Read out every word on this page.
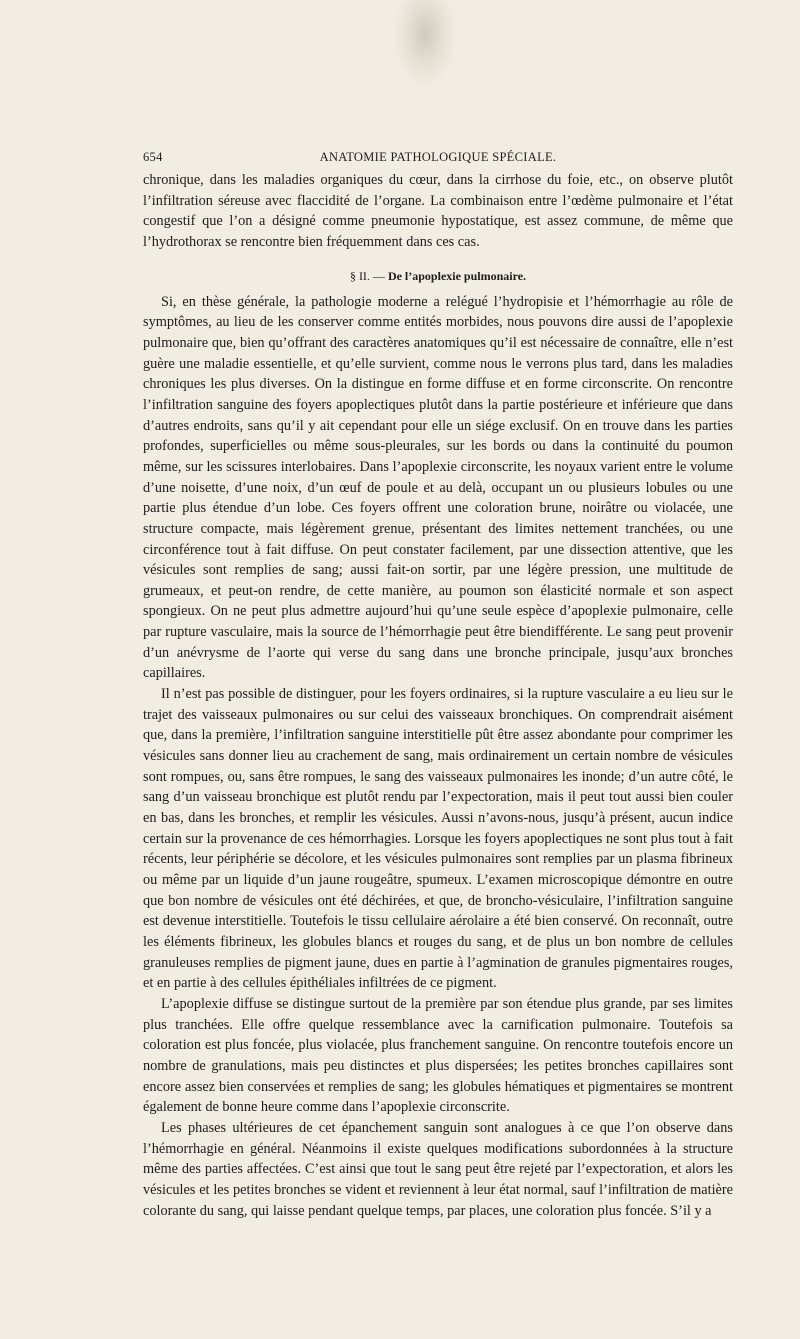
654	ANATOMIE PATHOLOGIQUE SPÉCIALE.

chronique, dans les maladies organiques du cœur, dans la cirrhose du foie, etc., on observe plutôt l’infiltration séreuse avec flaccidité de l’organe. La combinaison entre l’œdème pulmonaire et l’état congestif que l’on a désigné comme pneumonie hypostatique, est assez commune, de même que l’hydrothorax se rencontre bien fréquemment dans ces cas.

§ II. — De l’apoplexie pulmonaire.

Si, en thèse générale, la pathologie moderne a relégué l’hydropisie et l’hémorrhagie au rôle de symptômes, au lieu de les conserver comme entités morbides, nous pouvons dire aussi de l’apoplexie pulmonaire que, bien qu’offrant des caractères anatomiques qu’il est nécessaire de connaître, elle n’est guère une maladie essentielle, et qu’elle survient, comme nous le verrons plus tard, dans les maladies chroniques les plus diverses. On la distingue en forme diffuse et en forme circonscrite. On rencontre l’infiltration sanguine des foyers apoplectiques plutôt dans la partie postérieure et inférieure que dans d’autres endroits, sans qu’il y ait cependant pour elle un siége exclusif. On en trouve dans les parties profondes, superficielles ou même sous-pleurales, sur les bords ou dans la continuité du poumon même, sur les scissures interlobaires. Dans l’apoplexie circonscrite, les noyaux varient entre le volume d’une noisette, d’une noix, d’un œuf de poule et au delà, occupant un ou plusieurs lobules ou une partie plus étendue d’un lobe. Ces foyers offrent une coloration brune, noirâtre ou violacée, une structure compacte, mais légèrement grenue, présentant des limites nettement tranchées, ou une circonférence tout à fait diffuse. On peut constater facilement, par une dissection attentive, que les vésicules sont remplies de sang; aussi fait-on sortir, par une légère pression, une multitude de grumeaux, et peut-on rendre, de cette manière, au poumon son élasticité normale et son aspect spongieux. On ne peut plus admettre aujourd’hui qu’une seule espèce d’apoplexie pulmonaire, celle par rupture vasculaire, mais la source de l’hémorrhagie peut être biendifférente. Le sang peut provenir d’un anévrysme de l’aorte qui verse du sang dans une bronche principale, jusqu’aux bronches capillaires.

Il n’est pas possible de distinguer, pour les foyers ordinaires, si la rupture vasculaire a eu lieu sur le trajet des vaisseaux pulmonaires ou sur celui des vaisseaux bronchiques. On comprendrait aisément que, dans la première, l’infiltration sanguine interstitielle pût être assez abondante pour comprimer les vésicules sans donner lieu au crachement de sang, mais ordinairement un certain nombre de vésicules sont rompues, ou, sans être rompues, le sang des vaisseaux pulmonaires les inonde; d’un autre côté, le sang d’un vaisseau bronchique est plutôt rendu par l’expectoration, mais il peut tout aussi bien couler en bas, dans les bronches, et remplir les vésicules. Aussi n’avons-nous, jusqu’à présent, aucun indice certain sur la provenance de ces hémorrhagies. Lorsque les foyers apoplectiques ne sont plus tout à fait récents, leur périphérie se décolore, et les vésicules pulmonaires sont remplies par un plasma fibrineux ou même par un liquide d’un jaune rougeâtre, spumeux. L’examen microscopique démontre en outre que bon nombre de vésicules ont été déchirées, et que, de broncho-vésiculaire, l’infiltration sanguine est devenue interstitielle. Toutefois le tissu cellulaire aérolaire a été bien conservé. On reconnaît, outre les éléments fibrineux, les globules blancs et rouges du sang, et de plus un bon nombre de cellules granuleuses remplies de pigment jaune, dues en partie à l’agmination de granules pigmentaires rouges, et en partie à des cellules épithéliales infiltrées de ce pigment.

L’apoplexie diffuse se distingue surtout de la première par son étendue plus grande, par ses limites plus tranchées. Elle offre quelque ressemblance avec la carnification pulmonaire. Toutefois sa coloration est plus foncée, plus violacée, plus franchement sanguine. On rencontre toutefois encore un nombre de granulations, mais peu distinctes et plus dispersées; les petites bronches capillaires sont encore assez bien conservées et remplies de sang; les globules hématiques et pigmentaires se montrent également de bonne heure comme dans l’apoplexie circonscrite.

Les phases ultérieures de cet épanchement sanguin sont analogues à ce que l’on observe dans l’hémorrhagie en général. Néanmoins il existe quelques modifications subordonnées à la structure même des parties affectées. C’est ainsi que tout le sang peut être rejeté par l’expectoration, et alors les vésicules et les petites bronches se vident et reviennent à leur état normal, sauf l’infiltration de matière colorante du sang, qui laisse pendant quelque temps, par places, une coloration plus foncée. S’il y a
